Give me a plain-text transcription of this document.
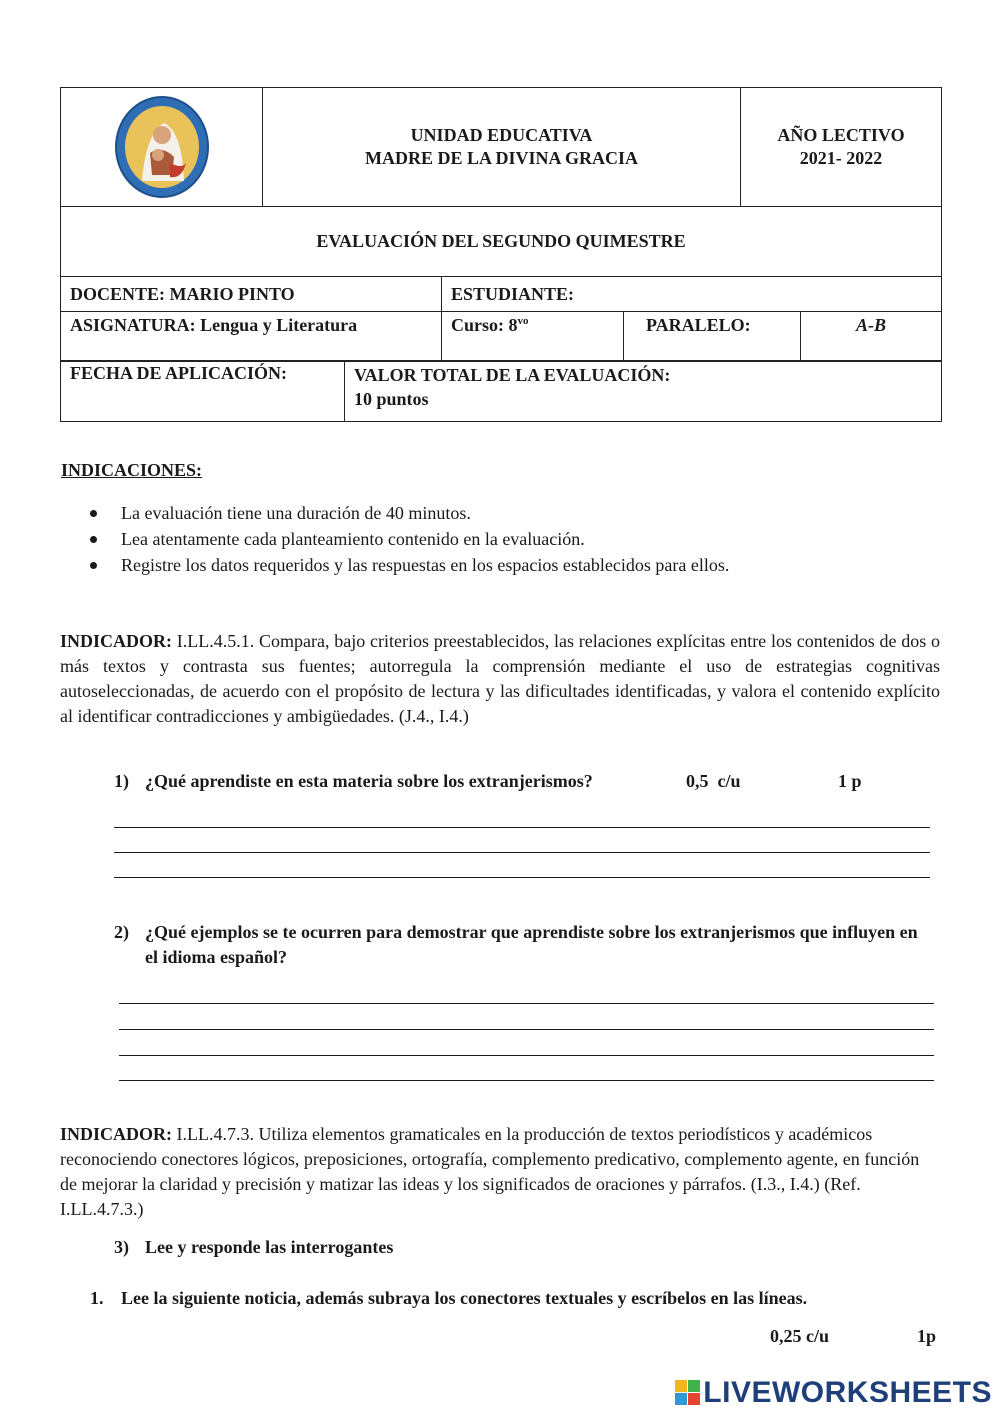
UNIDAD EDUCATIVA
MADRE DE LA DIVINA GRACIA

AÑO LECTIVO
2021- 2022

EVALUACIÓN DEL SEGUNDO QUIMESTRE
DOCENTE: MARIO PINTO	ESTUDIANTE:
ASIGNATURA: Lengua y Literatura	Curso: $8^{vo}$	PARALELO:	A-B
FECHA DE APLICACIÓN:	VALOR TOTAL DE LA EVALUACIÓN:
10 puntos
INDICACIONES:
La evaluación tiene una duración de 40 minutos.
Lea atentamente cada planteamiento contenido en la evaluación.
Registre los datos requeridos y las respuestas en los espacios establecidos para ellos.
INDICADOR: I.LL.4.5.1. Compara, bajo criterios preestablecidos, las relaciones explícitas entre los contenidos de dos o más textos y contrasta sus fuentes; autorregula la comprensión mediante el uso de estrategias cognitivas autoseleccionadas, de acuerdo con el propósito de lectura y las dificultades identificadas, y valora el contenido explícito al identificar contradicciones y ambigüedades. (J.4., I.4.)
1) ¿Qué aprendiste en esta materia sobre los extranjerismos?	0,5  c/u	1 p
2) ¿Qué ejemplos se te ocurren para demostrar que aprendiste sobre los extranjerismos que influyen en el idioma español?
INDICADOR: I.LL.4.7.3. Utiliza elementos gramaticales en la producción de textos periodísticos y académicos reconociendo conectores lógicos, preposiciones, ortografía, complemento predicativo, complemento agente, en función de mejorar la claridad y precisión y matizar las ideas y los significados de oraciones y párrafos. (I.3., I.4.) (Ref. I.LL.4.7.3.)
3) Lee y responde las interrogantes
1. Lee la siguiente noticia, además subraya los conectores textuales y escríbelos en las líneas.
0,25 c/u	1p
LIVEWORKSHEETS
